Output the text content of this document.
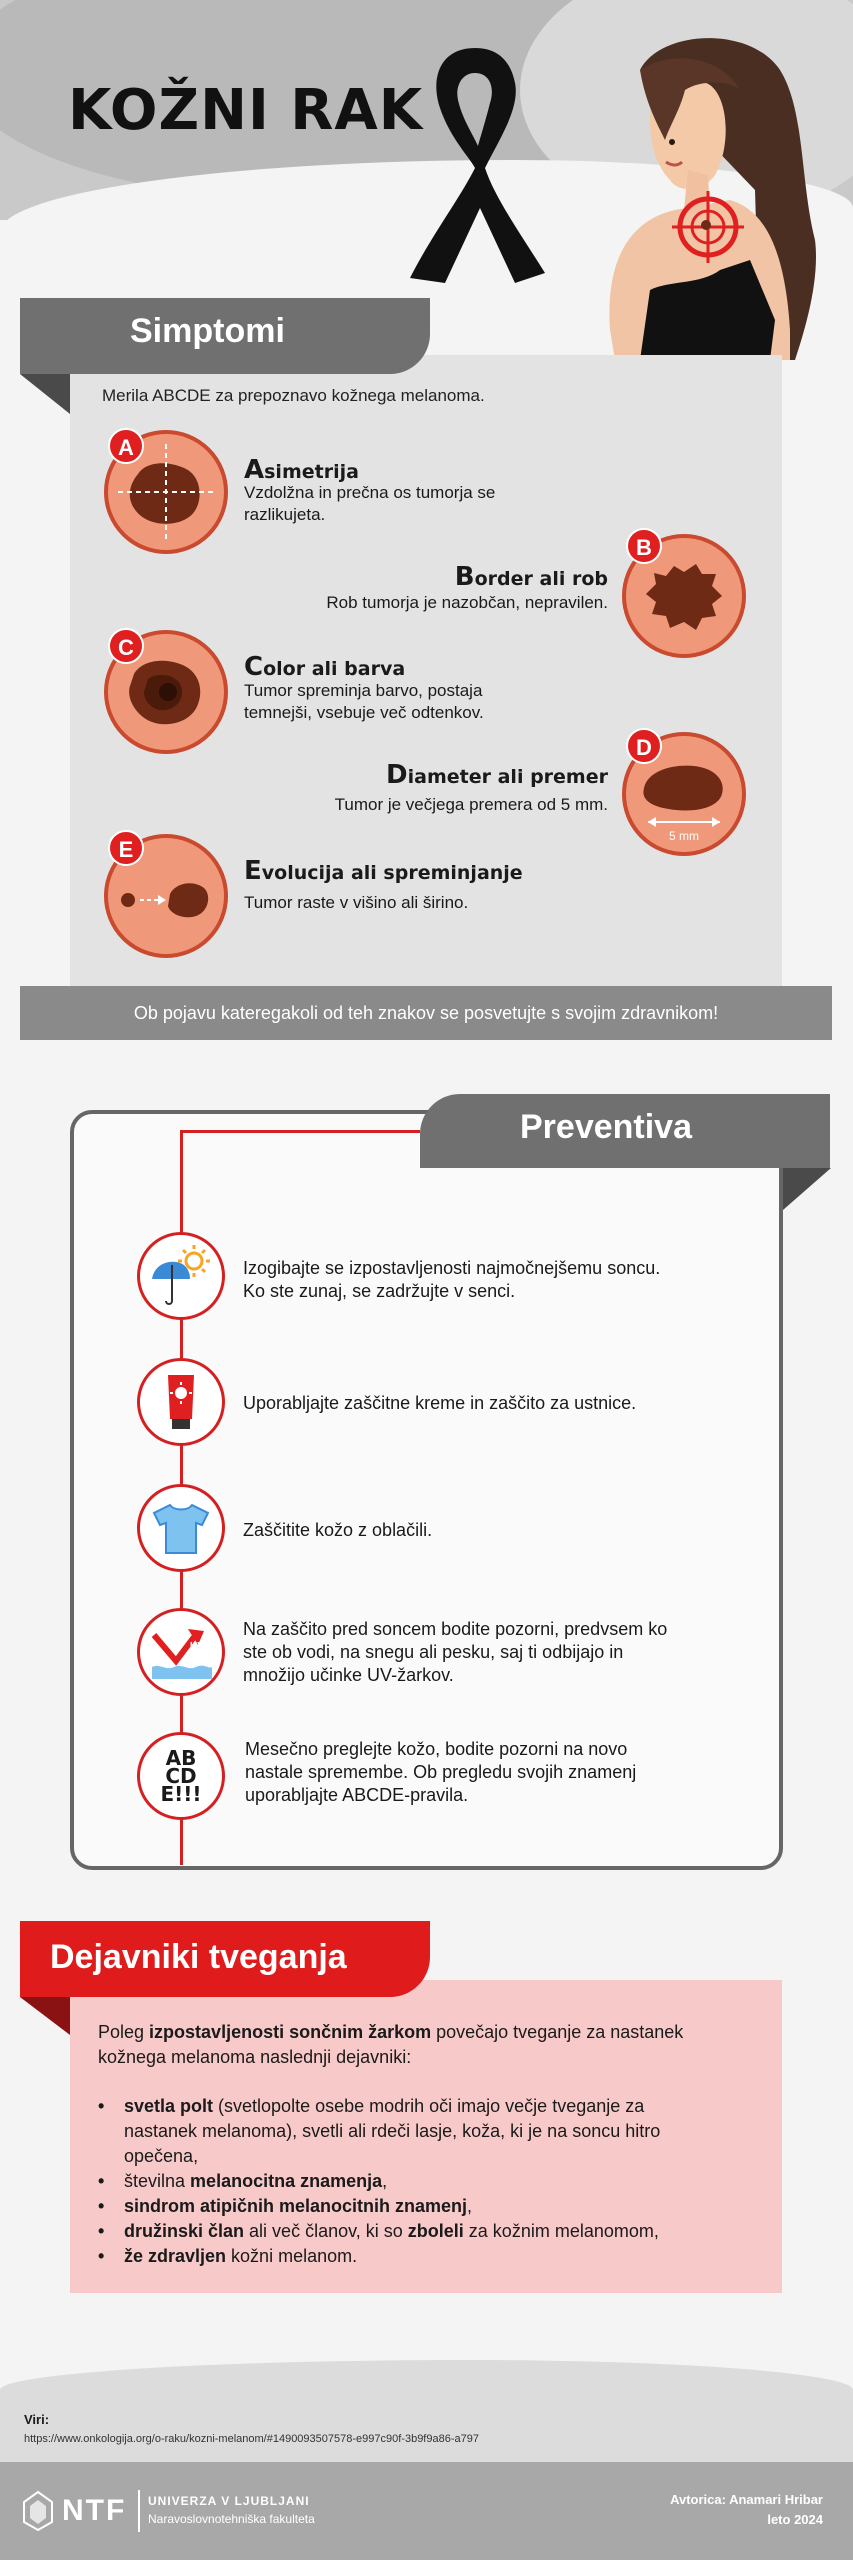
KOŽNI RAK
Simptomi
Merila ABCDE za prepoznavo kožnega melanoma.
A
Asimetrija
Vzdolžna in prečna os tumorja se
razlikujeta.
B
Border ali rob
Rob tumorja je nazobčan, nepravilen.
C
Color ali barva
Tumor spreminja barvo, postaja
temnejši, vsebuje več odtenkov.
5 mm
D
Diameter ali premer
Tumor je večjega premera od 5 mm.
E
Evolucija ali spreminjanje
Tumor raste v višino ali širino.
Ob pojavu kateregakoli od teh znakov se posvetujte s svojim zdravnikom!
Preventiva
Izogibajte se izpostavljenosti najmočnejšemu soncu.
Ko ste zunaj, se zadržujte v senci.
Uporabljajte zaščitne kreme in zaščito za ustnice.
Zaščitite kožo z oblačili.
UV
Na zaščito pred soncem bodite pozorni, predvsem ko
ste ob vodi, na snegu ali pesku, saj ti odbijajo in
množijo učinke UV-žarkov.
AB
CD
E!!!
Mesečno preglejte kožo, bodite pozorni na novo
nastale spremembe. Ob pregledu svojih znamenj
uporabljajte ABCDE-pravila.
Dejavniki tveganja
Poleg izpostavljenosti sončnim žarkom povečajo tveganje za nastanek
kožnega melanoma naslednji dejavniki:
•	svetla polt (svetlopolte osebe modrih oči imajo večje tveganje za
nastanek melanoma), svetli ali rdeči lasje, koža, ki je na soncu hitro
opečena,
•	številna melanocitna znamenja,
•	sindrom atipičnih melanocitnih znamenj,
•	družinski član ali več članov, ki so zboleli za kožnim melanomom,
•	že zdravljen kožni melanom.
Viri:
https://www.onkologija.org/o-raku/kozni-melanom/#1490093507578-e997c90f-3b9f9a86-a797
NTF UNIVERZA V LJUBLJANI
Naravoslovnotehniška fakulteta
Avtorica: Anamari Hribar
leto 2024
